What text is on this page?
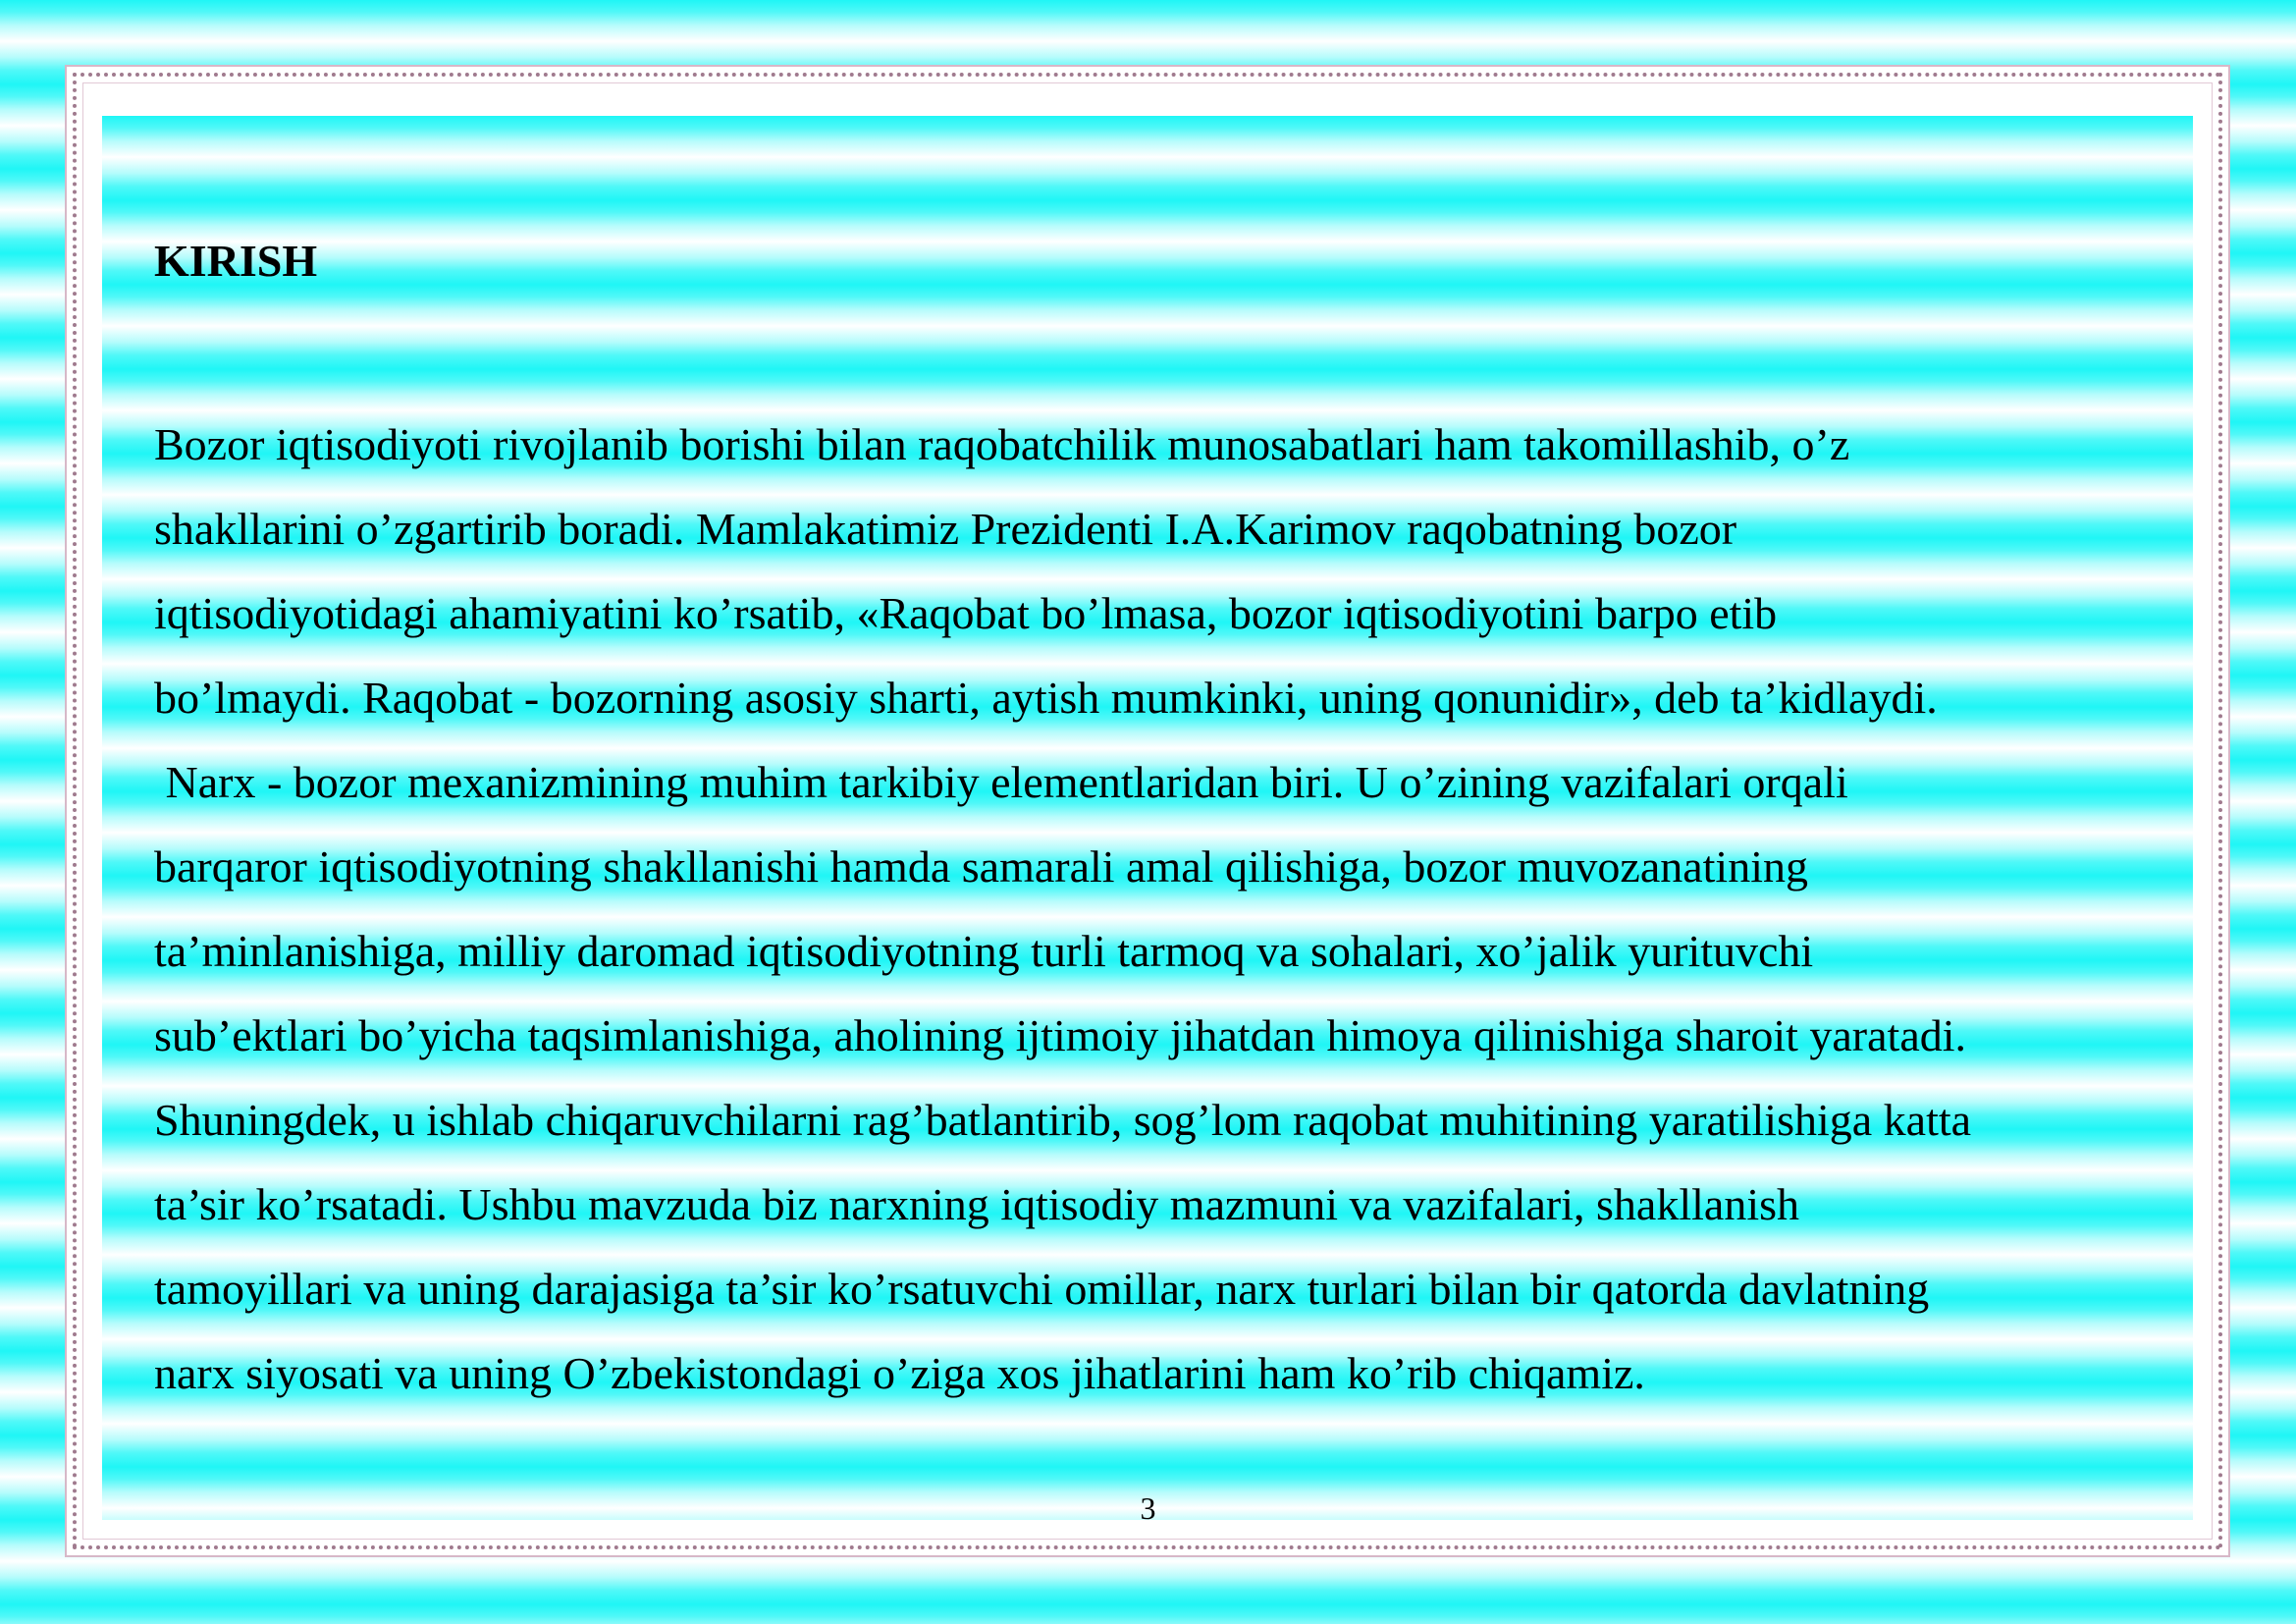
KIRISH

Bozor iqtisodiyoti rivojlanib borishi bilan raqobatchilik munosabatlari ham takomillashib, o’z
shakllarini o’zgartirib boradi. Mamlakatimiz Prezidenti I.A.Karimov raqobatning bozor
iqtisodiyotidagi ahamiyatini ko’rsatib, «Raqobat bo’lmasa, bozor iqtisodiyotini barpo etib
bo’lmaydi. Raqobat - bozorning asosiy sharti, aytish mumkinki, uning qonunidir», deb ta’kidlaydi.
Narx - bozor mexanizmining muhim tarkibiy elementlaridan biri. U o’zining vazifalari orqali
barqaror iqtisodiyotning shakllanishi hamda samarali amal qilishiga, bozor muvozanatining
ta’minlanishiga, milliy daromad iqtisodiyotning turli tarmoq va sohalari, xo’jalik yurituvchi
sub’ektlari bo’yicha taqsimlanishiga, aholining ijtimoiy jihatdan himoya qilinishiga sharoit yaratadi.
Shuningdek, u ishlab chiqaruvchilarni rag’batlantirib, sog’lom raqobat muhitining yaratilishiga katta
ta’sir ko’rsatadi. Ushbu mavzuda biz narxning iqtisodiy mazmuni va vazifalari, shakllanish
tamoyillari va uning darajasiga ta’sir ko’rsatuvchi omillar, narx turlari bilan bir qatorda davlatning
narx siyosati va uning O’zbekistondagi o’ziga xos jihatlarini ham ko’rib chiqamiz.

3
